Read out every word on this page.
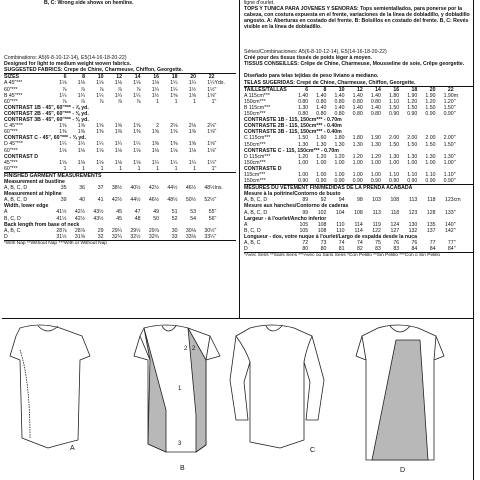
B, C: Wrong side shows on hemline.
Combinations: A5(6-8-10-12-14), E5(14-16-18-20-22)
Designed for light to medium weight woven fabrics.
SUGGESTED FABRICS: Crepe de Chine, Charmeuse, Chiffon, Georgette.
SIZES	6	8	10	12	14	16	18	20	22
A 45"***	1⅛	1⅛	1⅛	1⅛	1⅛	1⅛	1¼	1¼	1¼ Yds.
60"***	⅞	⅞	⅞	⅞	⅞	1¼	1¼	1½	1½ "
B 45"***	1¼	1¼	1¼	1¼	1¼	1½	1⅝	1⅝	1⅝ "
60"***	⅞	⅞	⅞	⅞	⅞	1	1	1	1 "
CONTRAST 1B - 45", 60"*** - ⅞ yd.
CONTRAST 2B - 45", 60"*** - ⅜ yd.
CONTRAST 3B - 45", 60"*** - ⅜ yd.
C 45"***	1⅝	1⅝	1⅝	1⅝	1⅝	2	2⅛	2⅛	2⅛ "
60"***	1⅜	1⅜	1⅜	1⅜	1⅜	1⅝	1⅝	1⅝	1⅝ "
CONTRAST C - 45", 60"*** - ¾ yd.
D 45"***	1¼	1¼	1¼	1¼	1¼	1⅜	1⅜	1⅝	1⅝ "
60"***	1⅛	1⅛	1⅛	1⅛	1⅛	1⅛	1⅛	1⅛	1⅛ "
CONTRAST D
45"***	1⅛	1⅛	1⅛	1⅛	1⅛	1¼	1¼	1¼	1¼ "
60"***	1	1	1	1	1	1	1	1	1 "
FINISHED GARMENT MEASUREMENTS
Measurement at bustline
A, B, C, D	35	36	37	38½	40½	42½	44½	46½	48½ Ins.
Measurement at hipline
A, B, C, D	39	40	41	42½	44½	46½	48½	50½	52½ "
Width, lower edge
A	41½	42½	43½	45	47	49	51	53	55 "
B, C, D	41½	42½	43½	45	48	50	52	54	56 "
Back length from base of neck
A, B, C	28⅞	28⅞	29	29¼	29½	29⅞	30	30⅛	30½ "
D	31½	31⅝	32	32¼	32½	32¾	33	33⅛	33¼ "
*With Nap **Without Nap ***With or Without Nap
ligne d'ourlet.
TOPS Y TÚNICA PARA JÓVENES Y SEÑORAS: Tops semientallados, para ponerse por la cabeza, con costura expuesta en el frente, variaciones de la línea de dobladillo, y dobladillo angosto. A: Aberturas en costado del frente. B: Bolsillos en costado del frente. B, C: Revés visible en la línea de dobladillo.
Séries/Combinaciones: A5(6-8-10-12-14), E5(14-16-18-20-22)
Créé pour des tissus tissés de poids léger à moyen.
TISSUS CONSEILLÉS: Crêpe de Chine, Charmeuse, Mousseline de soie, Crêpe georgette.
Diseñado para telas tejidas de peso liviano a mediano.
TELAS SUGERIDAS: Crepé de Chine, Charmeuse, Chiffon, Georgette.
TAILLES/TALLAS	6	8	10	12	14	16	18	20	22
A 115cm***	1.40	1.40	1.40	1.40	1.40	1.80	1.90	1.90	1.90 m
150cm***	0.80	0.80	0.80	0.80	0.80	1.10	1.20	1.20	1.20 "
B 115cm***	1.30	1.40	1.40	1.40	1.40	1.50	1.50	1.50	1.50 "
150cm***	0.80	0.80	0.80	0.80	0.80	0.90	0.90	0.90	0.90 "
CONTRASTE 1B - 115, 150cm*** - 0.70m
CONTRASTE 2B - 115, 150cm*** - 0.40m
CONTRASTE 3B - 115, 150cm*** - 0.40m
C 115cm***	1.50	1.60	1.80	1.80	1.90	2.00	2.00	2.00	2.00 "
150cm***	1.30	1.30	1.30	1.30	1.30	1.50	1.50	1.50	1.50 "
CONTRASTE C - 115, 150cm*** - 0.70m
D 115cm***	1.20	1.20	1.20	1.20	1.20	1.30	1.30	1.30	1.30 "
150cm***	1.00	1.00	1.00	1.00	1.00	1.00	1.00	1.00	1.00 "
CONTRASTE D
115cm***	1.00	1.00	1.00	1.00	1.00	1.10	1.10	1.10	1.10 "
150cm***	0.90	0.90	0.90	0.90	0.90	0.90	0.90	0.90	0.90 "
MESURES DU VÊTEMENT FINI/MEDIDAS DE LA PRENDA ACABADA
Mesure à la poitrine/Contorno de busto
A, B, C, D	89	92	94	98	103	108	113	118	123 cm
Mesure aux hanches/Contorno de caderas
A, B, C, D	99	102	104	108	113	118	123	128	133 "
Largeur - à l'ourlet/Ancho inferior
A	105	108	110	114	119	124	130	135	140 "
B, C, D	105	108	110	114	122	127	132	137	142 "
Longueur - dos, votre nuque à l'ourlet/Largo de espalda desde la nuca
A, B, C	72	73	74	74	75	76	76	77	77 "
D	80	80	81	82	83	83	84	84	84 "
*Avec Sens **Sans Sens ***Avec ou Sans Sens *Con Pelillo **Sin Pelillo ***Con o Sin Pelillo
A
B
C
D
1
2
3
2
